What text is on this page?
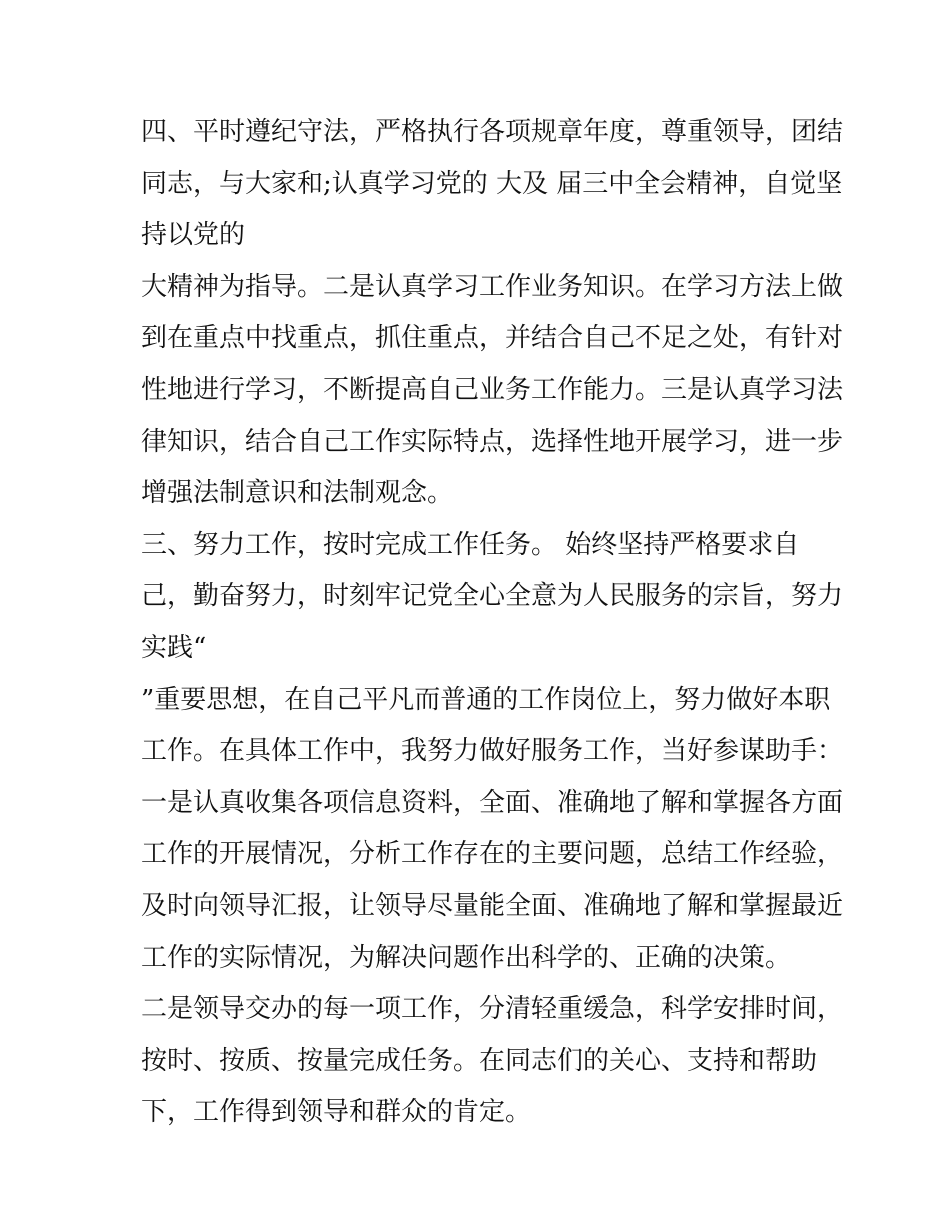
四、平时遵纪守法，严格执行各项规章年度，尊重领导，团结
同志，与大家和;认真学习党的 大及 届三中全会精神，自觉坚
持以党的
大精神为指导。二是认真学习工作业务知识。在学习方法上做
到在重点中找重点，抓住重点，并结合自己不足之处，有针对
性地进行学习，不断提高自己业务工作能力。三是认真学习法
律知识，结合自己工作实际特点，选择性地开展学习，进一步
增强法制意识和法制观念。
三、努力工作，按时完成工作任务。 始终坚持严格要求自
己，勤奋努力，时刻牢记党全心全意为人民服务的宗旨，努力
实践“
”重要思想，在自己平凡而普通的工作岗位上，努力做好本职
工作。在具体工作中，我努力做好服务工作，当好参谋助手：
一是认真收集各项信息资料，全面、准确地了解和掌握各方面
工作的开展情况，分析工作存在的主要问题，总结工作经验，
及时向领导汇报，让领导尽量能全面、准确地了解和掌握最近
工作的实际情况，为解决问题作出科学的、正确的决策。
二是领导交办的每一项工作，分清轻重缓急，科学安排时间，
按时、按质、按量完成任务。在同志们的关心、支持和帮助
下，工作得到领导和群众的肯定。
